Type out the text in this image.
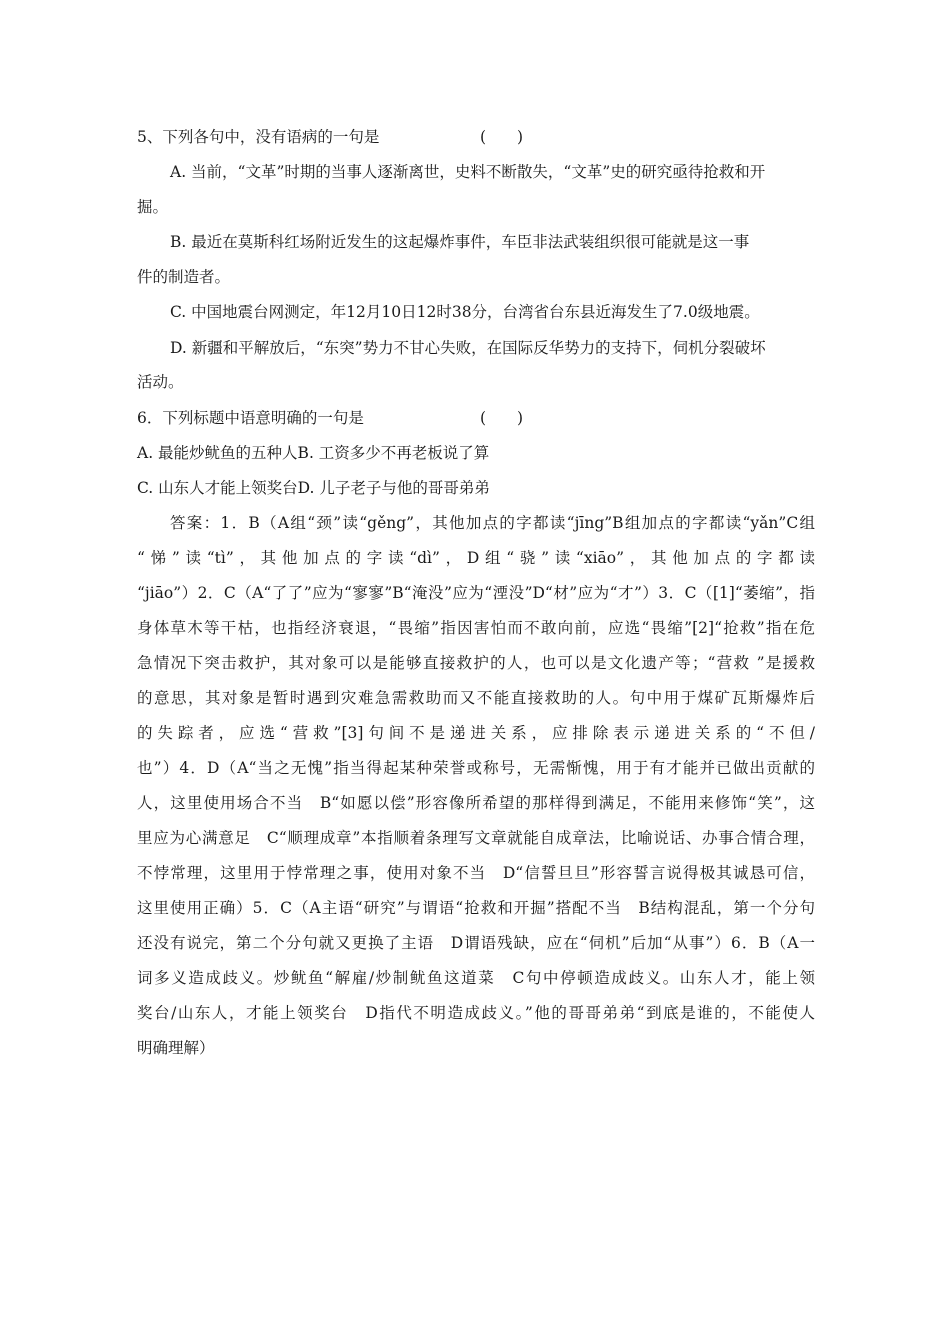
5、下列各句中，没有语病的一句是	(　　)
A. 当前，“文革”时期的当事人逐渐离世，史料不断散失，“文革”史的研究亟待抢救和开
掘。
B. 最近在莫斯科红场附近发生的这起爆炸事件，车臣非法武装组织很可能就是这一事
件的制造者。
C. 中国地震台网测定，年12月10日12时38分，台湾省台东县近海发生了7.0级地震。
D. 新疆和平解放后，“东突”势力不甘心失败，在国际反华势力的支持下，伺机分裂破坏
活动。
6．下列标题中语意明确的一句是	(　　)
A. 最能炒鱿鱼的五种人B. 工资多少不再老板说了算
C. 山东人才能上领奖台D. 儿子老子与他的哥哥弟弟
答案：1．B（A组“颈”读“gěng”，其他加点的字都读“jīng”B组加点的字都读“yǎn”C组
“悌”读“tì”，其他加点的字读“dì”，D组“骁”读“xiāo”，其他加点的字都读
“jiāo”）2．C（A“了了”应为“寥寥”B“淹没”应为“湮没”D“材”应为“才”）3．C（[1]“萎缩”，指
身体草木等干枯，也指经济衰退，“畏缩”指因害怕而不敢向前，应选“畏缩”[2]“抢救”指在危
急情况下突击救护，其对象可以是能够直接救护的人，也可以是文化遗产等；“营救 ”是援救
的意思，其对象是暂时遇到灾难急需救助而又不能直接救助的人。句中用于煤矿瓦斯爆炸后
的失踪者，应选“营救”[3]句间不是递进关系，应排除表示递进关系的“不但/
也”）4．D（A“当之无愧”指当得起某种荣誉或称号，无需惭愧，用于有才能并已做出贡献的
人，这里使用场合不当　B“如愿以偿”形容像所希望的那样得到满足，不能用来修饰“笑”，这
里应为心满意足　C“顺理成章”本指顺着条理写文章就能自成章法，比喻说话、办事合情合理，
不悖常理，这里用于悖常理之事，使用对象不当　D“信誓旦旦”形容誓言说得极其诚恳可信，
这里使用正确）5．C（A主语“研究”与谓语“抢救和开掘”搭配不当　B结构混乱，第一个分句
还没有说完，第二个分句就又更换了主语　D谓语残缺，应在“伺机”后加“从事”）6．B（A一
词多义造成歧义。炒鱿鱼“解雇/炒制鱿鱼这道菜　C句中停顿造成歧义。山东人才，能上领
奖台/山东人，才能上领奖台　D指代不明造成歧义。”他的哥哥弟弟“到底是谁的，不能使人
明确理解）
